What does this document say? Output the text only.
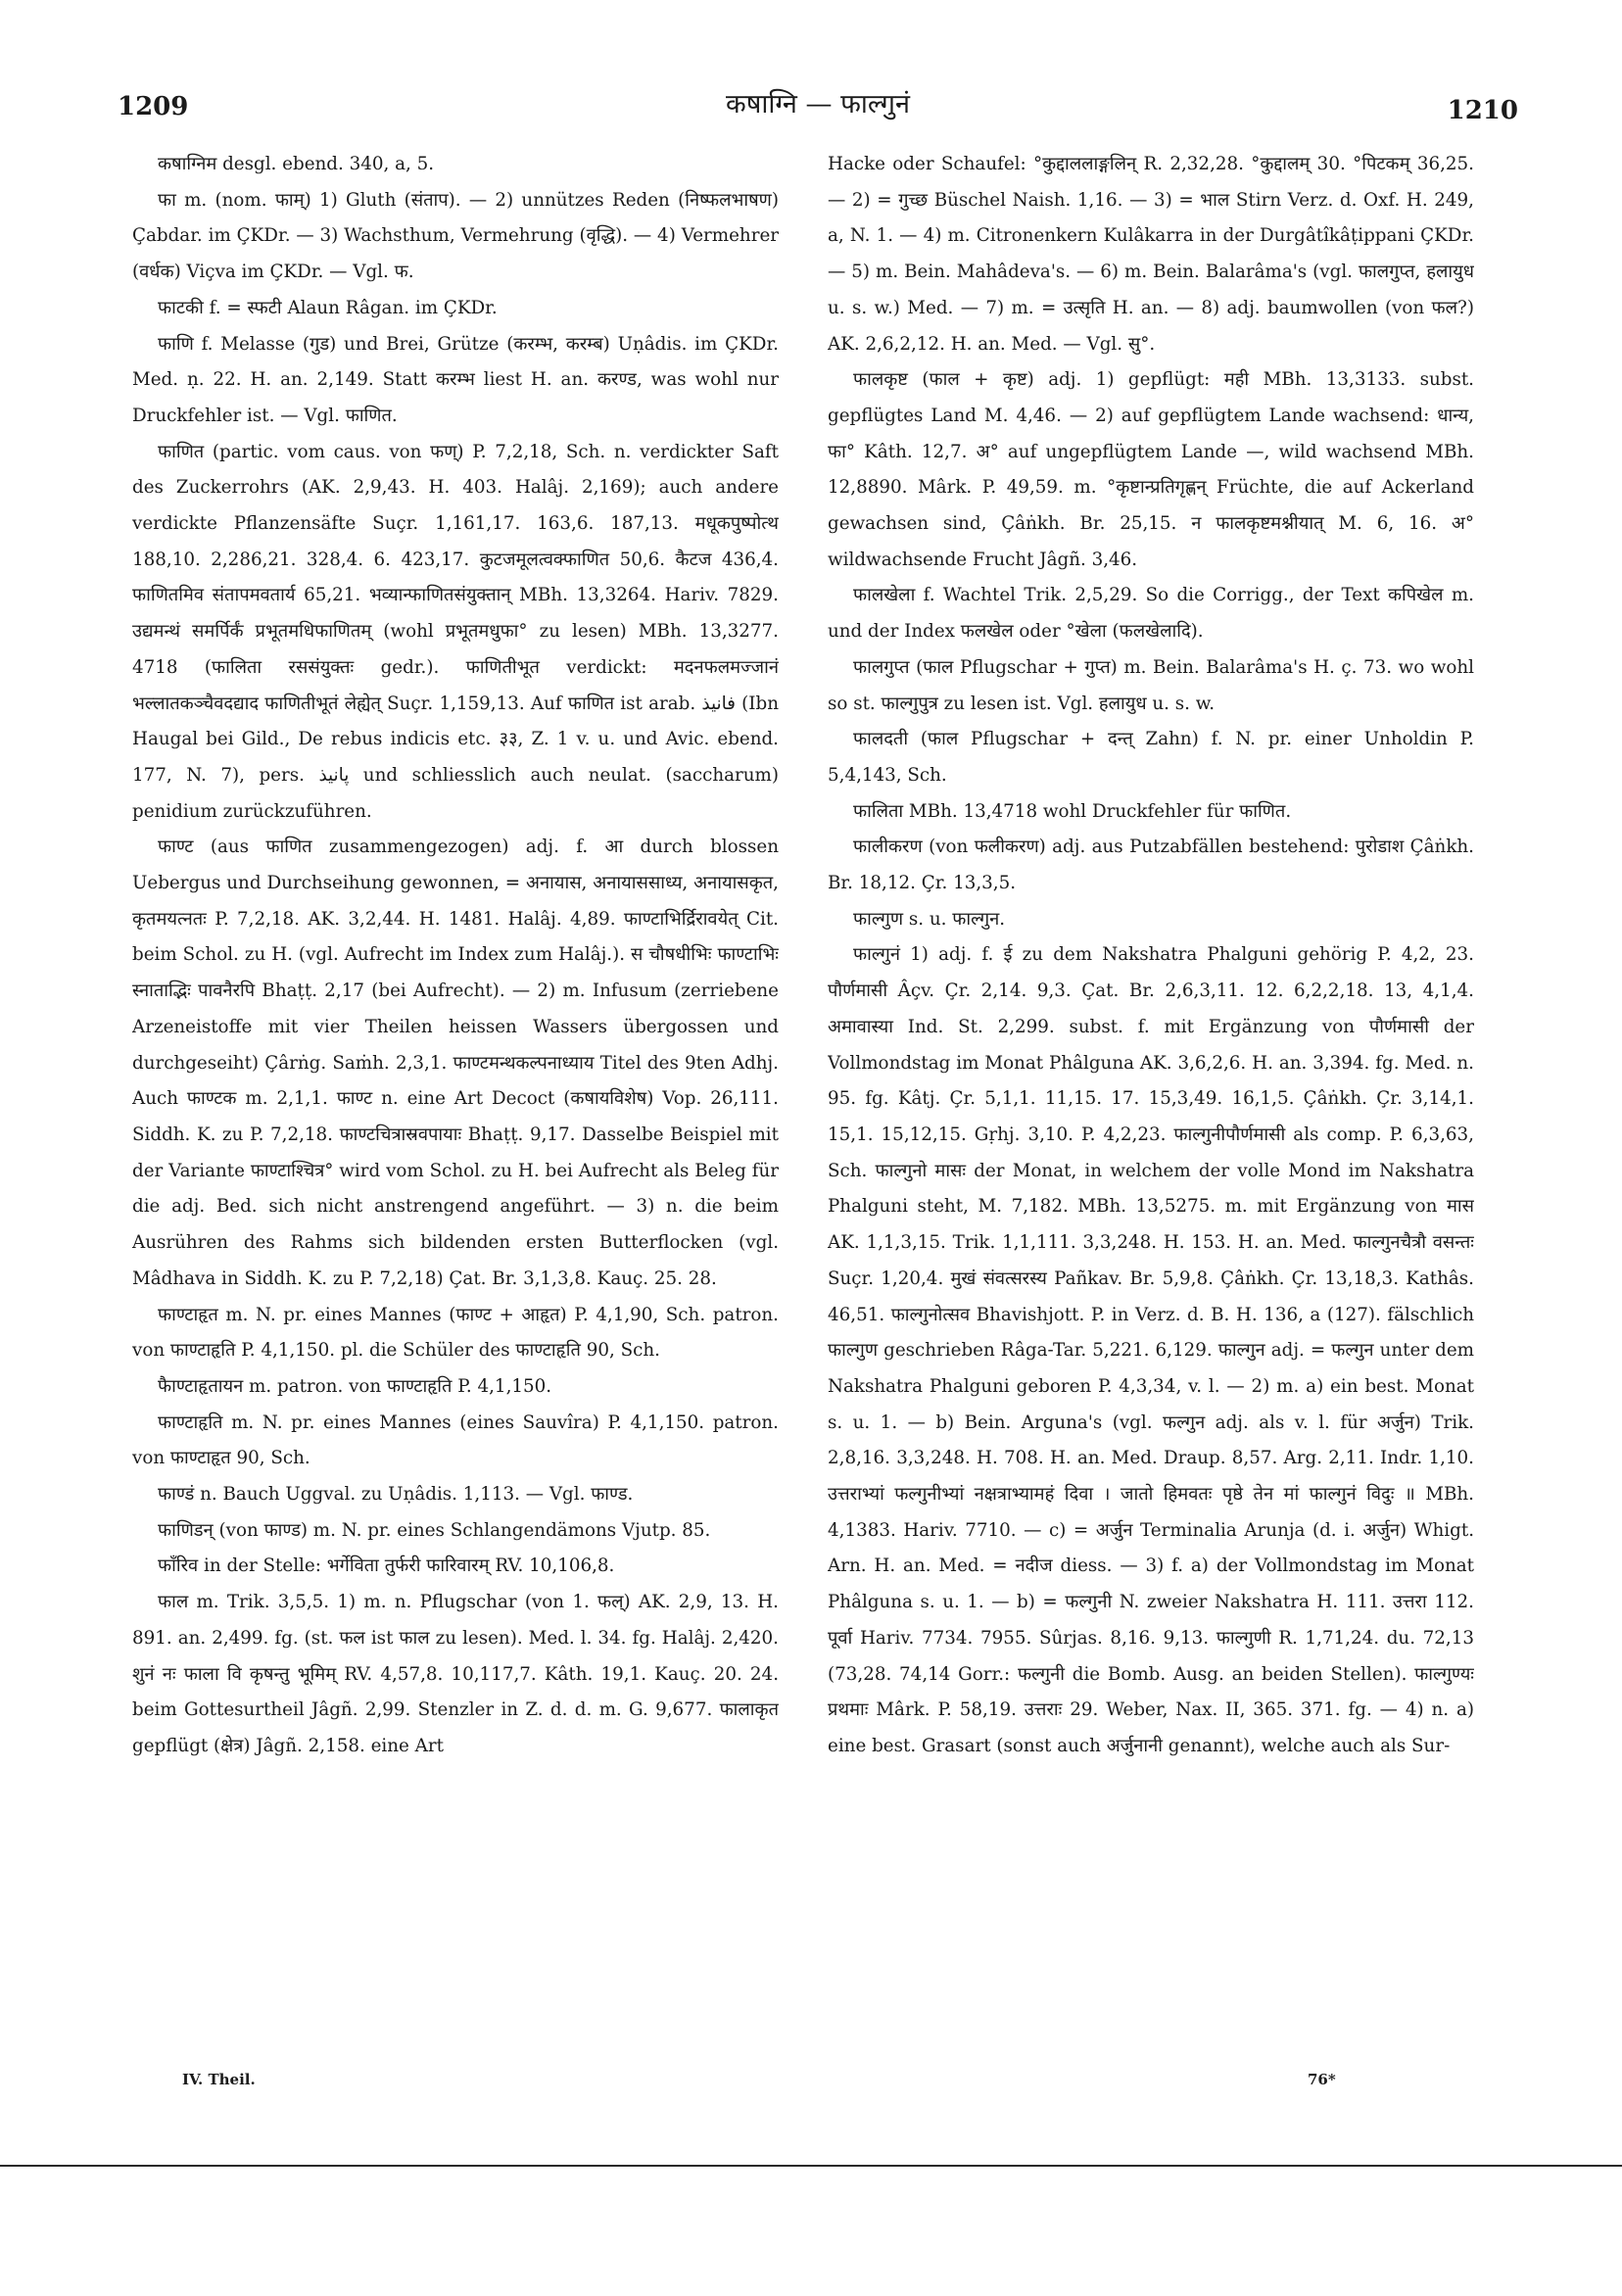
1209	कषाग्नि — फाल्गुनं	1210

कषाग्निम desgl. ebend. 340, a, 5.

फा m. (nom. फाम्) 1) Gluth (संताप). — 2) unnützes Reden (निष्फलभाषण) Çabdar. im ÇKDr. — 3) Wachsthum, Vermehrung (वृद्धि). — 4) Vermehrer (वर्धक) Viçva im ÇKDr. — Vgl. फ.

फाटकी f. = स्फटी Alaun Râgan. im ÇKDr.

फाणि f. Melasse (गुड) und Brei, Grütze (करम्भ, करम्ब) Uṇâdis. im ÇKDr. Med. ṇ. 22. H. an. 2,149. Statt करम्भ liest H. an. करण्ड, was wohl nur Druckfehler ist. — Vgl. फाणित.

फाणित (partic. vom caus. von फण्) P. 7,2,18, Sch. n. verdickter Saft des Zuckerrohrs (AK. 2,9,43. H. 403. Halâj. 2,169); auch andere verdickte Pflanzensäfte Suçr. 1,161,17. 163,6. 187,13. मधूकपुष्पोत्थ 188,10. 2,286,21. 328,4. 6. 423,17. कुटजमूलत्वक्फाणित 50,6. कैटज 436,4. फाणितमिव संतापमवतार्य 65,21. भव्यान्फाणितसंयुक्तान् MBh. 13,3264. Hariv. 7829. उद्यमन्थं समर्पिर्कं प्रभूतमधिफाणितम् (wohl प्रभूतमधुफा° zu lesen) MBh. 13,3277. 4718 (फालिता रससंयुक्तः gedr.). फाणितीभूत verdickt: मदनफलमज्जानं भल्लातकञ्चैवदद्याद फाणितीभूतं लेह्येत् Suçr. 1,159,13. Auf फाणित ist arab. فانيذ (Ibn Haugal bei Gild., De rebus indicis etc. ३३, Z. 1 v. u. und Avic. ebend. 177, N. 7), pers. پانيذ und schliesslich auch neulat. (saccharum) penidium zurückzuführen.

फाण्ट (aus फाणित zusammengezogen) adj. f. आ durch blossen Uebergus und Durchseihung gewonnen, = अनायास, अनायाससाध्य, अनायासकृत, कृतमयत्नतः P. 7,2,18. AK. 3,2,44. H. 1481. Halâj. 4,89. फाण्टाभिर्द्रिरावयेत् Cit. beim Schol. zu H. (vgl. Aufrecht im Index zum Halâj.). स चौषधीभिः फाण्टाभिः स्नाताद्भिः पावनैरपि Bhaṭṭ. 2,17 (bei Aufrecht). — 2) m. Infusum (zerriebene Arzeneistoffe mit vier Theilen heissen Wassers übergossen und durchgeseiht) Çârṅg. Saṁh. 2,3,1. फाण्टमन्थकल्पनाध्याय Titel des 9ten Adhj. Auch फाण्टक m. 2,1,1. फाण्ट n. eine Art Decoct (कषायविशेष) Vop. 26,111. Siddh. K. zu P. 7,2,18. फाण्टचित्रास्रवपायाः Bhaṭṭ. 9,17. Dasselbe Beispiel mit der Variante फाण्टाश्चित्र° wird vom Schol. zu H. bei Aufrecht als Beleg für die adj. Bed. sich nicht anstrengend angeführt. — 3) n. die beim Ausrühren des Rahms sich bildenden ersten Butterflocken (vgl. Mâdhava in Siddh. K. zu P. 7,2,18) Çat. Br. 3,1,3,8. Kauç. 25. 28.

फाण्टाहृत m. N. pr. eines Mannes (फाण्ट + आहृत) P. 4,1,90, Sch. patron. von फाण्टाहृति P. 4,1,150. pl. die Schüler des फाण्टाहृति 90, Sch.

फैाण्टाहृतायन m. patron. von फाण्टाहृति P. 4,1,150.

फाण्टाहृति m. N. pr. eines Mannes (eines Sauvîra) P. 4,1,150. patron. von फाण्टाहृत 90, Sch.

फाण्डं n. Bauch Uggval. zu Uṇâdis. 1,113. — Vgl. फाण्ड.

फाणिडन् (von फाण्ड) m. N. pr. eines Schlangendämons Vjutp. 85.

फाँरिव in der Stelle: भर्गेविता तुर्फरी फारिवारम् RV. 10,106,8.

फाल m. Trik. 3,5,5. 1) m. n. Pflugschar (von 1. फल्) AK. 2,9, 13. H. 891. an. 2,499. fg. (st. फल ist फाल zu lesen). Med. l. 34. fg. Halâj. 2,420. शुनं नः फाला वि कृषन्तु भूमिम् RV. 4,57,8. 10,117,7. Kâth. 19,1. Kauç. 20. 24. beim Gottesurtheil Jâgñ. 2,99. Stenzler in Z. d. d. m. G. 9,677. फालाकृत gepflügt (क्षेत्र) Jâgñ. 2,158. eine Art

Hacke oder Schaufel: °कुद्दाललाङ्गलिन् R. 2,32,28. °कुद्दालम् 30. °पिटकम् 36,25. — 2) = गुच्छ Büschel Naish. 1,16. — 3) = भाल Stirn Verz. d. Oxf. H. 249, a, N. 1. — 4) m. Citronenkern Kulâkarra in der Durgâtîkâṭippani ÇKDr. — 5) m. Bein. Mahâdeva's. — 6) m. Bein. Balarâma's (vgl. फालगुप्त, हलायुध u. s. w.) Med. — 7) m. = उत्सृति H. an. — 8) adj. baumwollen (von फल?) AK. 2,6,2,12. H. an. Med. — Vgl. सु°.

फालकृष्ट (फाल + कृष्ट) adj. 1) gepflügt: मही MBh. 13,3133. subst. gepflügtes Land M. 4,46. — 2) auf gepflügtem Lande wachsend: धान्य, फा° Kâth. 12,7. अ° auf ungepflügtem Lande —, wild wachsend MBh. 12,8890. Mârk. P. 49,59. m. °कृष्टान्प्रतिगृह्णन् Früchte, die auf Ackerland gewachsen sind, Çâṅkh. Br. 25,15. न फालकृष्टमश्नीयात् M. 6, 16. अ° wildwachsende Frucht Jâgñ. 3,46.

फालखेला f. Wachtel Trik. 2,5,29. So die Corrigg., der Text कपिखेल m. und der Index फलखेल oder °खेला (फलखेलादि).

फालगुप्त (फाल Pflugschar + गुप्त) m. Bein. Balarâma's H. ç. 73. wo wohl so st. फाल्गुपुत्र zu lesen ist. Vgl. हलायुध u. s. w.

फालदती (फाल Pflugschar + दन्त् Zahn) f. N. pr. einer Unholdin P. 5,4,143, Sch.

फालिता MBh. 13,4718 wohl Druckfehler für फाणित.

फालीकरण (von फलीकरण) adj. aus Putzabfällen bestehend: पुरोडाश Çâṅkh. Br. 18,12. Çr. 13,3,5.

फाल्गुण s. u. फाल्गुन.

फाल्गुनं 1) adj. f. ई zu dem Nakshatra Phalguni gehörig P. 4,2, 23. पौर्णमासी Âçv. Çr. 2,14. 9,3. Çat. Br. 2,6,3,11. 12. 6,2,2,18. 13, 4,1,4. अमावास्या Ind. St. 2,299. subst. f. mit Ergänzung von पौर्णमासी der Vollmondstag im Monat Phâlguna AK. 3,6,2,6. H. an. 3,394. fg. Med. n. 95. fg. Kâtj. Çr. 5,1,1. 11,15. 17. 15,3,49. 16,1,5. Çâṅkh. Çr. 3,14,1. 15,1. 15,12,15. Gṛhj. 3,10. P. 4,2,23. फाल्गुनीपौर्णमासी als comp. P. 6,3,63, Sch. फाल्गुनो मासः der Monat, in welchem der volle Mond im Nakshatra Phalguni steht, M. 7,182. MBh. 13,5275. m. mit Ergänzung von मास AK. 1,1,3,15. Trik. 1,1,111. 3,3,248. H. 153. H. an. Med. फाल्गुनचैत्रौ वसन्तः Suçr. 1,20,4. मुखं संवत्सरस्य Pañkav. Br. 5,9,8. Çâṅkh. Çr. 13,18,3. Kathâs. 46,51. फाल्गुनोत्सव Bhavishjott. P. in Verz. d. B. H. 136, a (127). fälschlich फाल्गुण geschrieben Râga-Tar. 5,221. 6,129. फाल्गुन adj. = फल्गुन unter dem Nakshatra Phalguni geboren P. 4,3,34, v. l. — 2) m. a) ein best. Monat s. u. 1. — b) Bein. Arguna's (vgl. फल्गुन adj. als v. l. für अर्जुन) Trik. 2,8,16. 3,3,248. H. 708. H. an. Med. Draup. 8,57. Arg. 2,11. Indr. 1,10. उत्तराभ्यां फल्गुनीभ्यां नक्षत्राभ्यामहं दिवा । जातो हिमवतः पृष्ठे तेन मां फाल्गुनं विदुः ॥ MBh. 4,1383. Hariv. 7710. — c) = अर्जुन Terminalia Arunja (d. i. अर्जुन) Whigt. Arn. H. an. Med. = नदीज diess. — 3) f. a) der Vollmondstag im Monat Phâlguna s. u. 1. — b) = फल्गुनी N. zweier Nakshatra H. 111. उत्तरा 112. पूर्वा Hariv. 7734. 7955. Sûrjas. 8,16. 9,13. फाल्गुणी R. 1,71,24. du. 72,13 (73,28. 74,14 Gorr.: फल्गुनी die Bomb. Ausg. an beiden Stellen). फाल्गुण्यः प्रथमाः Mârk. P. 58,19. उत्तराः 29. Weber, Nax. II, 365. 371. fg. — 4) n. a) eine best. Grasart (sonst auch अर्जुनानी genannt), welche auch als Sur-

IV. Theil.	76*
